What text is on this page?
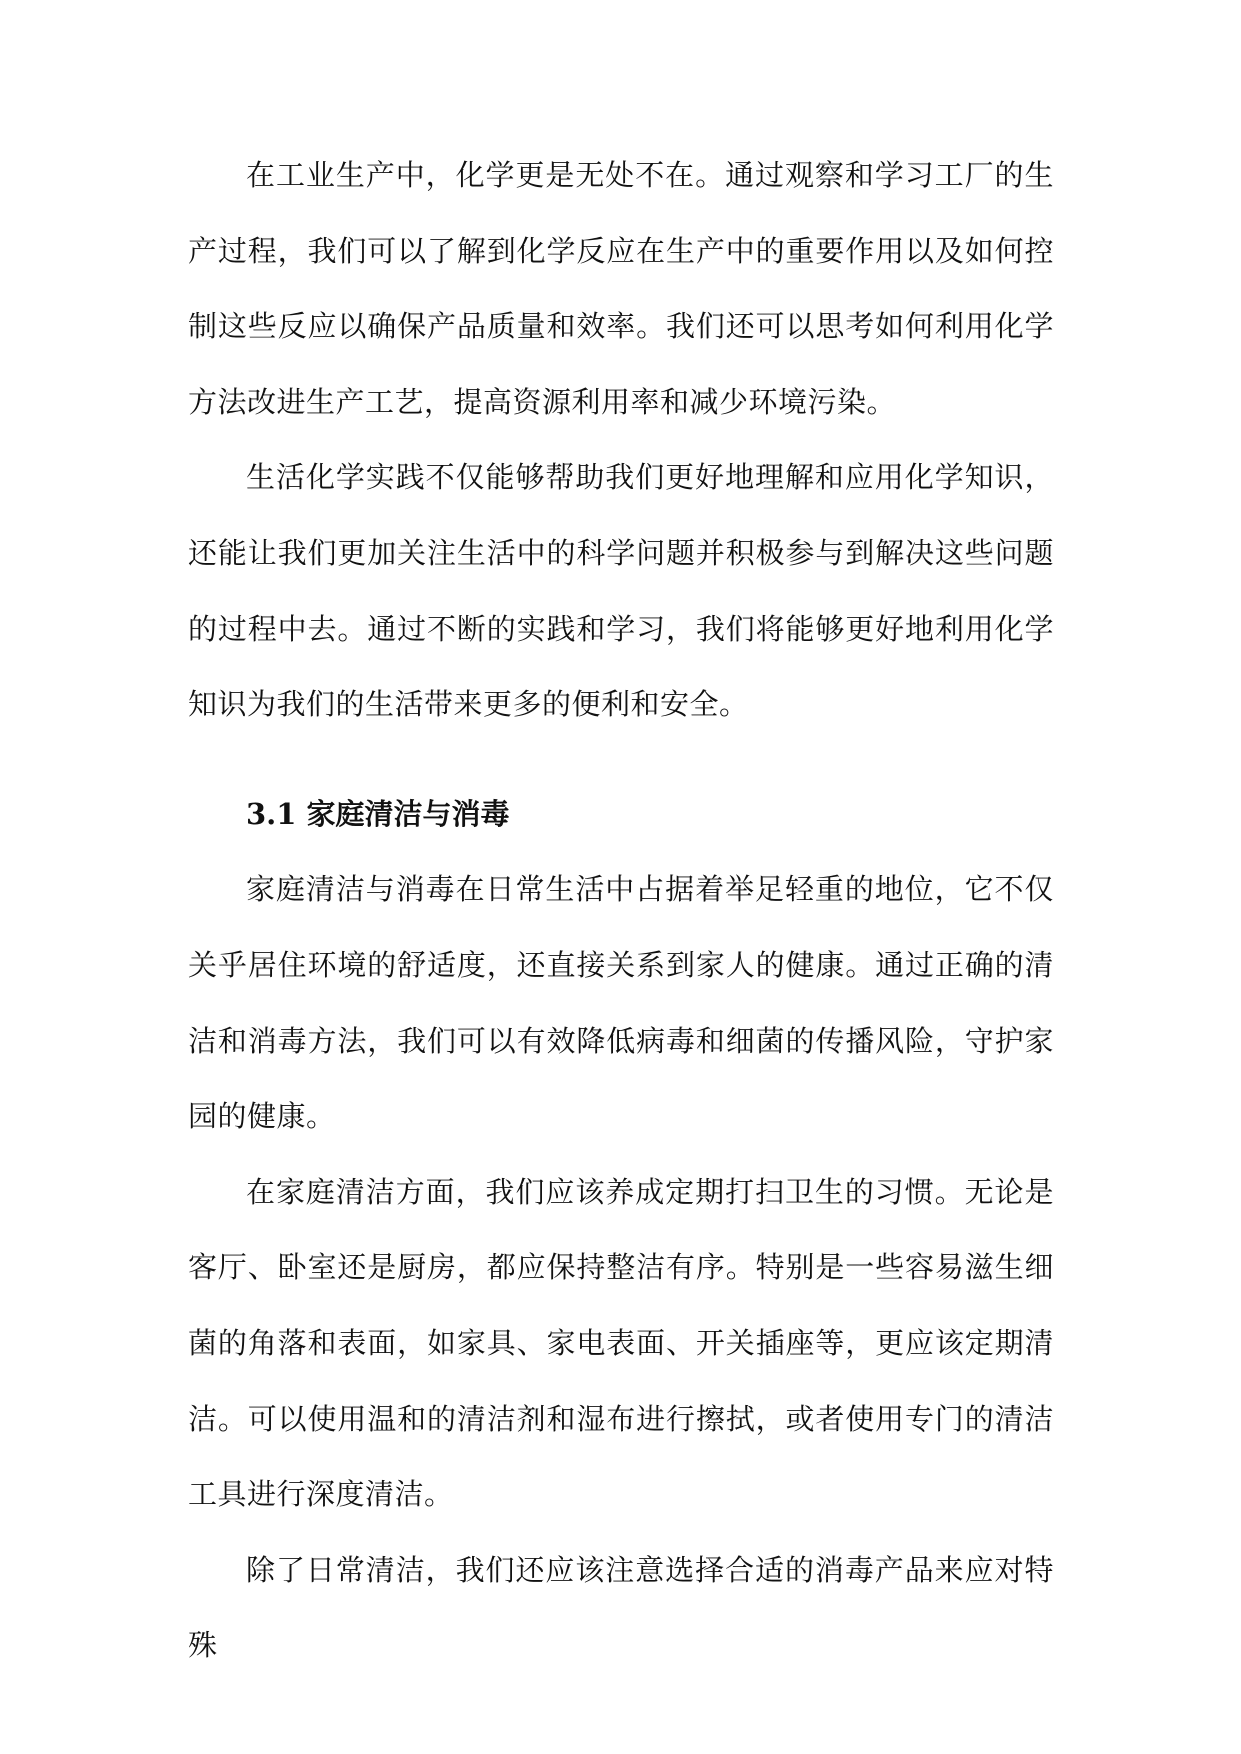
在工业生产中，化学更是无处不在。通过观察和学习工厂的生产过程，我们可以了解到化学反应在生产中的重要作用以及如何控制这些反应以确保产品质量和效率。我们还可以思考如何利用化学方法改进生产工艺，提高资源利用率和减少环境污染。

生活化学实践不仅能够帮助我们更好地理解和应用化学知识，还能让我们更加关注生活中的科学问题并积极参与到解决这些问题的过程中去。通过不断的实践和学习，我们将能够更好地利用化学知识为我们的生活带来更多的便利和安全。

3.1 家庭清洁与消毒

家庭清洁与消毒在日常生活中占据着举足轻重的地位，它不仅关乎居住环境的舒适度，还直接关系到家人的健康。通过正确的清洁和消毒方法，我们可以有效降低病毒和细菌的传播风险，守护家园的健康。

在家庭清洁方面，我们应该养成定期打扫卫生的习惯。无论是客厅、卧室还是厨房，都应保持整洁有序。特别是一些容易滋生细菌的角落和表面，如家具、家电表面、开关插座等，更应该定期清洁。可以使用温和的清洁剂和湿布进行擦拭，或者使用专门的清洁工具进行深度清洁。

除了日常清洁，我们还应该注意选择合适的消毒产品来应对特殊
